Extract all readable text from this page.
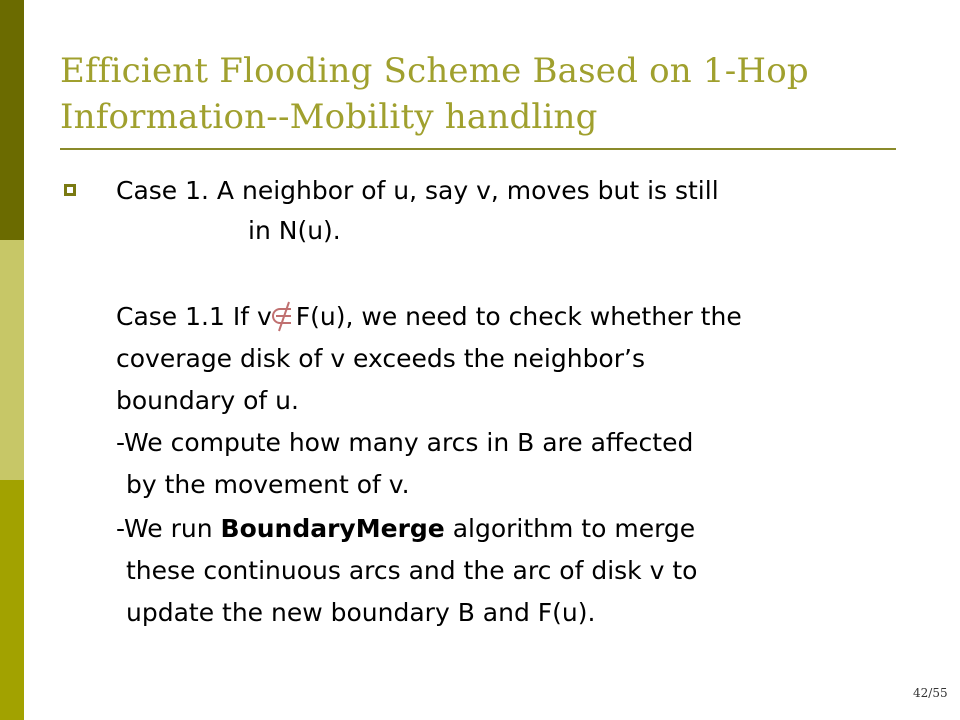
Efficient Flooding Scheme Based on 1-Hop
Information--Mobility handling
Case 1. A neighbor of u, say v, moves but is still
in N(u).
Case 1.1 If v F(u), we need to check whether the
coverage disk of v exceeds the neighbor’s
boundary of u.
-We compute how many arcs in B are affected
by the movement of v.
-We run BoundaryMerge algorithm to merge
these continuous arcs and the arc of disk v to
update the new boundary B and F(u).
42/55
